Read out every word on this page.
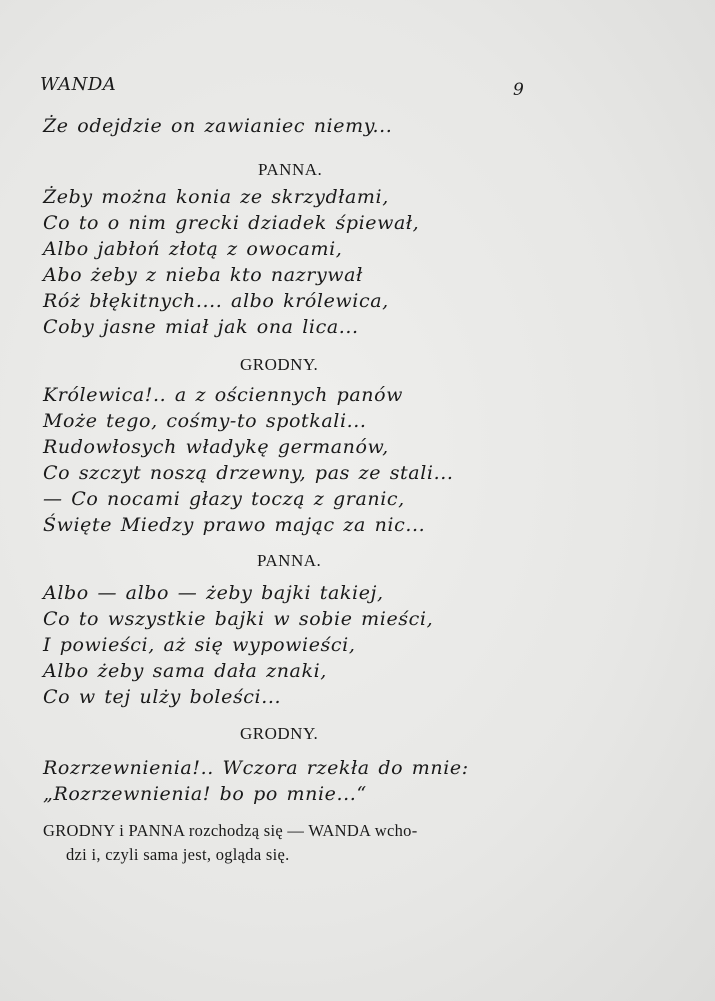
WANDA	9
Że odejdzie on zawianiec niemy...
PANNA.
Żeby można konia ze skrzydłami,
Co to o nim grecki dziadek śpiewał,
Albo jabłoń złotą z owocami,
Abo żeby z nieba kto nazrywał
Róż błękitnych.... albo królewica,
Coby jasne miał jak ona lica...
GRODNY.
Królewica!.. a z ościennych panów
Może tego, cośmy-to spotkali...
Rudowłosych władykę germanów,
Co szczyt noszą drzewny, pas ze stali...
— Co nocami głazy toczą z granic,
Święte Miedzy prawo mając za nic...
PANNA.
Albo — albo — żeby bajki takiej,
Co to wszystkie bajki w sobie mieści,
I powieści, aż się wypowieści,
Albo żeby sama dała znaki,
Co w tej ulży boleści...
GRODNY.
Rozrzewnienia!.. Wczora rzekła do mnie:
„Rozrzewnienia! bo po mnie...“
GRODNY i PANNA rozchodzą się — WANDA wcho-
dzi i, czyli sama jest, ogląda się.
